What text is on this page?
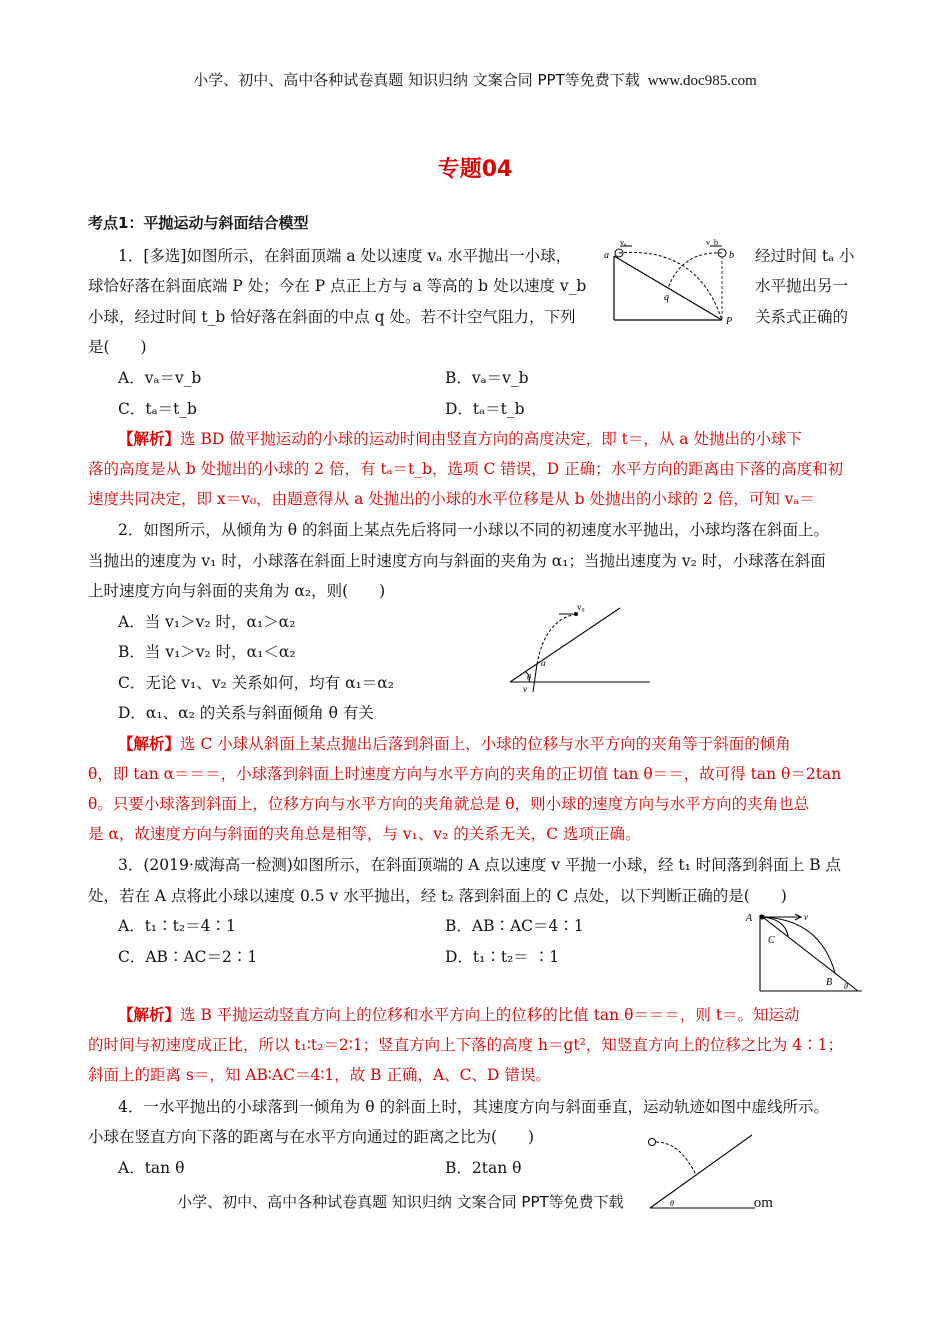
小学、初中、高中各种试卷真题 知识归纳 文案合同 PPT等免费下载 www.doc985.com
专题04
考点1：平抛运动与斜面结合模型
1．[多选]如图所示，在斜面顶端 a 处以速度 vₐ 水平抛出一小球，	经过时间 tₐ 小
球恰好落在斜面底端 P 处；今在 P 点正上方与 a 等高的 b 处以速度 v_b	水平抛出另一
小球，经过时间 t_b 恰好落在斜面的中点 q 处。若不计空气阻力，下列	关系式正确的
是(　　)
vₐ	v_b
a	b
q
P
A．vₐ＝v_b	B．vₐ＝v_b
C．tₐ＝t_b	D．tₐ＝t_b
【解析】选 BD 做平抛运动的小球的运动时间由竖直方向的高度决定，即 t＝，从 a 处抛出的小球下
落的高度是从 b 处抛出的小球的 2 倍，有 tₐ＝t_b，选项 C 错误，D 正确；水平方向的距离由下落的高度和初
速度共同决定，即 x＝v₀，由题意得从 a 处抛出的小球的水平位移是从 b 处抛出的小球的 2 倍，可知 vₐ＝
2．如图所示，从倾角为 θ 的斜面上某点先后将同一小球以不同的初速度水平抛出，小球均落在斜面上。
当抛出的速度为 v₁ 时，小球落在斜面上时速度方向与斜面的夹角为 α₁；当抛出速度为 v₂ 时，小球落在斜面
上时速度方向与斜面的夹角为 α₂，则(　　)
A．当 v₁＞v₂ 时，α₁＞α₂
B．当 v₁＞v₂ 时，α₁＜α₂
C．无论 v₁、v₂ 关系如何，均有 α₁＝α₂
D．α₁、α₂ 的关系与斜面倾角 θ 有关
v₀
v
α
θ
【解析】选 C 小球从斜面上某点抛出后落到斜面上，小球的位移与水平方向的夹角等于斜面的倾角
θ，即 tan α＝＝＝，小球落到斜面上时速度方向与水平方向的夹角的正切值 tan θ＝＝，故可得 tan θ＝2tan
θ。只要小球落到斜面上，位移方向与水平方向的夹角就总是 θ，则小球的速度方向与水平方向的夹角也总
是 α，故速度方向与斜面的夹角总是相等，与 v₁、v₂ 的关系无关，C 选项正确。
3．(2019·威海高一检测)如图所示，在斜面顶端的 A 点以速度 v 平抛一小球，经 t₁ 时间落到斜面上 B 点
处，若在 A 点将此小球以速度 0.5 v 水平抛出，经 t₂ 落到斜面上的 C 点处，以下判断正确的是(　　)
A．t₁∶t₂＝4∶1	B．AB∶AC＝4∶1
C．AB∶AC＝2∶1	D．t₁∶t₂＝ ∶1
A	v
C
B θ
【解析】选 B 平抛运动竖直方向上的位移和水平方向上的位移的比值 tan θ＝＝＝，则 t＝。知运动
的时间与初速度成正比，所以 t₁∶t₂＝2∶1；竖直方向上下落的高度 h＝gt²，知竖直方向上的位移之比为 4∶1；
斜面上的距离 s＝，知 AB∶AC＝4∶1，故 B 正确，A、C、D 错误。
4．一水平抛出的小球落到一倾角为 θ 的斜面上时，其速度方向与斜面垂直，运动轨迹如图中虚线所示。
小球在竖直方向下落的距离与在水平方向通过的距离之比为(　　)
A．tan θ	B．2tan θ
θ
小学、初中、高中各种试卷真题 知识归纳 文案合同 PPT等免费下载	om
